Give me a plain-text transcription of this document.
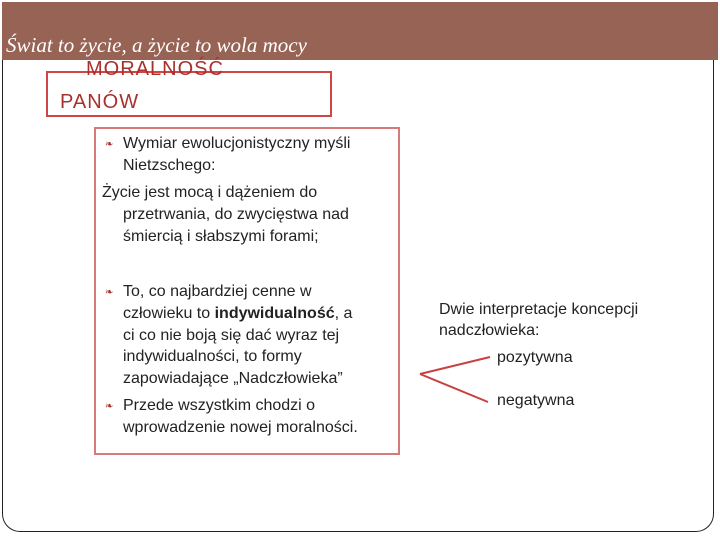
Świat to życie, a życie to wola mocy
MORALNOŚĆ
PANÓW
❧ Wymiar ewolucjonistyczny myśli
Nietzschego:
Życie jest mocą i dążeniem do
przetrwania, do zwycięstwa nad
śmiercią i słabszymi forami;
❧ To, co najbardziej cenne w
człowieku to indywidualność, a
ci co nie boją się dać wyraz tej
indywidualności, to formy
zapowiadające „Nadczłowieka”
❧ Przede wszystkim chodzi o
wprowadzenie nowej moralności.
Dwie interpretacje koncepcji
nadczłowieka:
pozytywna
negatywna
